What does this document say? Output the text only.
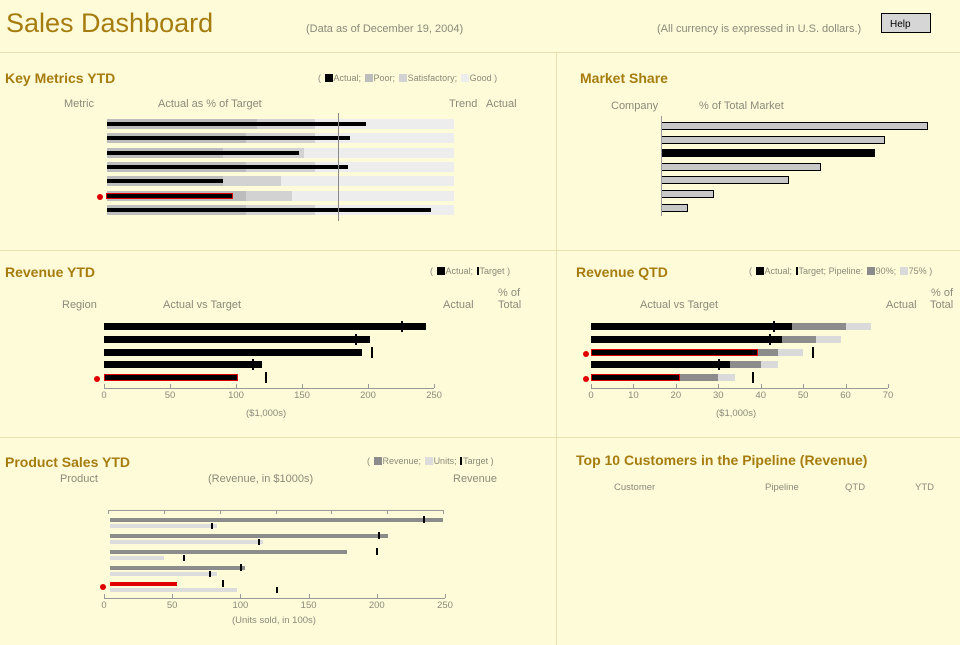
Sales Dashboard	(Data as of December 19, 2004)	(All currency is expressed in U.S. dollars.)	Help
Key Metrics YTD	( Actual; Poor; Satisfactory; Good )
Metric	Actual as % of Target	Trend Actual
Market Share
Company	% of Total Market
Revenue YTD	( Actual; Target )
Region	Actual vs Target	Actual
% of
Total
($1,000s)
0	50	100	150	200	250
Revenue QTD	( Actual; Target; Pipeline: 90%; 75% )
Actual vs Target	Actual
% of
Total
($1,000s)
0	10	20	30	40	50	60	70
Product Sales YTD	( Revenue; Units; Target )
Product	(Revenue, in $1000s)	Revenue
(Units sold, in 100s)
0	50	100	150	200	250
Top 10 Customers in the Pipeline (Revenue)
Customer	Pipeline	QTD	YTD
